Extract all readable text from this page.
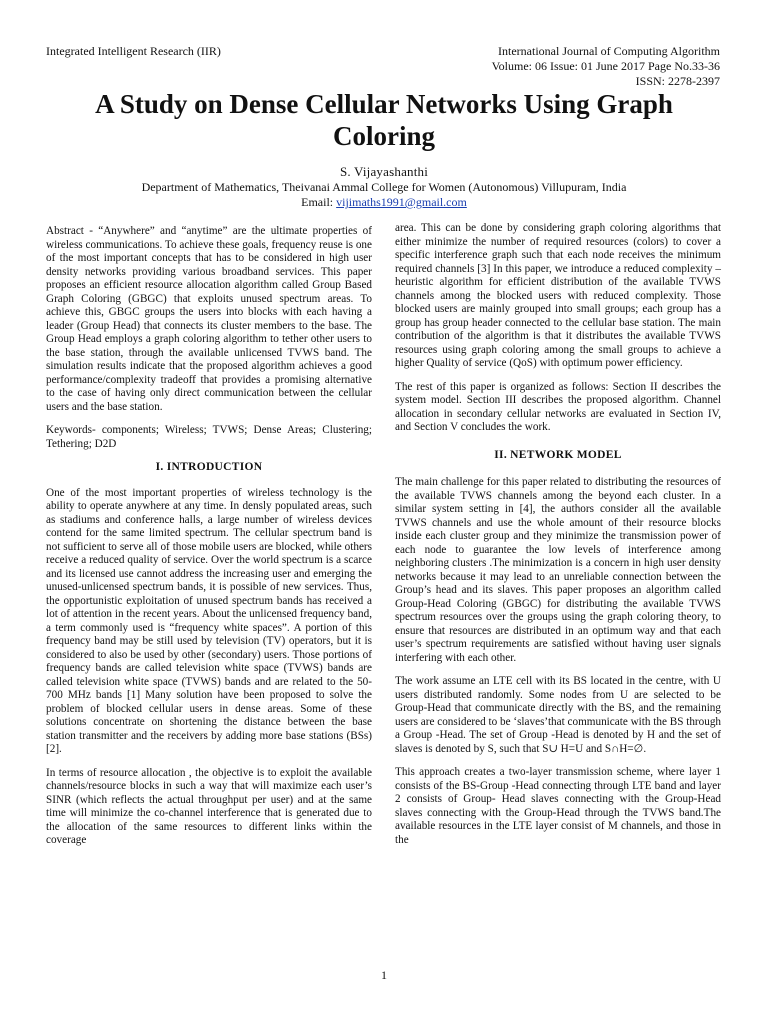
Integrated Intelligent Research (IIR)	International Journal of Computing Algorithm
Volume: 06 Issue: 01 June 2017 Page No.33-36
ISSN: 2278-2397
A Study on Dense Cellular Networks Using Graph Coloring
S. Vijayashanthi
Department of Mathematics, Theivanai Ammal College for Women (Autonomous) Villupuram, India
Email: vijimaths1991@gmail.com

Abstract - “Anywhere” and “anytime” are the ultimate properties of wireless communications. To achieve these goals, frequency reuse is one of the most important concepts that has to be considered in high user density networks providing various broadband services. This paper proposes an efficient resource allocation algorithm called Group Based Graph Coloring (GBGC) that exploits unused spectrum areas. To achieve this, GBGC groups the users into blocks with each having a leader (Group Head) that connects its cluster members to the base. The Group Head employs a graph coloring algorithm to tether other users to the base station, through the available unlicensed TVWS band. The simulation results indicate that the proposed algorithm achieves a good performance/complexity tradeoff that provides a promising alternative to the case of having only direct communication between the cellular users and the base station.

Keywords- components; Wireless; TVWS; Dense Areas; Clustering; Tethering; D2D

I. INTRODUCTION

One of the most important properties of wireless technology is the ability to operate anywhere at any time. In densly populated areas, such as stadiums and conference halls, a large number of wireless devices contend for the same limited spectrum. The cellular spectrum band is not sufficient to serve all of those mobile users are blocked, while others receive a reduced quality of service. Over the world spectrum is a scarce and its licensed use cannot address the increasing user and emerging the unused-unlicensed spectrum bands, it is possible of new services. Thus, the opportunistic exploitation of unused spectrum bands has received a lot of attention in the recent years. About the unlicensed frequency band, a term commonly used is “frequency white spaces”. A portion of this frequency band may be still used by television (TV) operators, but it is considered to also be used by other (secondary) users. Those portions of frequency bands are called television white space (TVWS) bands are called television white space (TVWS) bands and are related to the 50-700 MHz bands [1] Many solution have been proposed to solve the problem of blocked cellular users in dense areas. Some of these solutions concentrate on shortening the distance between the base station transmitter and the receivers by adding more base stations (BSs) [2].

In terms of resource allocation , the objective is to exploit the available channels/resource blocks in such a way that will maximize each user’s SINR (which reflects the actual throughput per user) and at the same time will minimize the co-channel interference that is generated due to the allocation of the same resources to different links within the coverage

area. This can be done by considering graph coloring algorithms that either minimize the number of required resources (colors) to cover a specific interference graph such that each node receives the minimum required channels [3] In this paper, we introduce a reduced complexity – heuristic algorithm for efficient distribution of the available TVWS channels among the blocked users with reduced complexity. Those blocked users are mainly grouped into small groups; each group has a group has group header connected to the cellular base station. The main contribution of the algorithm is that it distributes the available TVWS resources using graph coloring among the small groups to achieve a higher Quality of service (QoS) with optimum power efficiency.

The rest of this paper is organized as follows: Section II describes the system model. Section III describes the proposed algorithm. Channel allocation in secondary cellular networks are evaluated in Section IV, and Section V concludes the work.

II. NETWORK MODEL

The main challenge for this paper related to distributing the resources of the available TVWS channels among the beyond each cluster. In a similar system setting in [4], the authors consider all the available TVWS channels and use the whole amount of their resource blocks inside each cluster group and they minimize the transmission power of each node to guarantee the low levels of interference among neighboring clusters .The minimization is a concern in high user density networks because it may lead to an unreliable connection between the Group’s head and its slaves. This paper proposes an algorithm called Group-Head Coloring (GBGC) for distributing the available TVWS spectrum resources over the groups using the graph coloring theory, to ensure that resources are distributed in an optimum way and that each user’s spectrum requirements are satisfied without having user signals interfering with each other.

The work assume an LTE cell with its BS located in the centre, with U users distributed randomly. Some nodes from U are selected to be Group-Head that communicate directly with the BS, and the remaining users are considered to be ‘slaves’that communicate with the BS through a Group -Head. The set of Group -Head is denoted by H and the set of slaves is denoted by S, such that S∪ H=U and S∩H=∅.

This approach creates a two-layer transmission scheme, where layer 1 consists of the BS-Group -Head connecting through LTE band and layer 2 consists of Group- Head slaves connecting with the Group-Head slaves connecting with the Group-Head through the TVWS band.The available resources in the LTE layer consist of M channels, and those in the

1
